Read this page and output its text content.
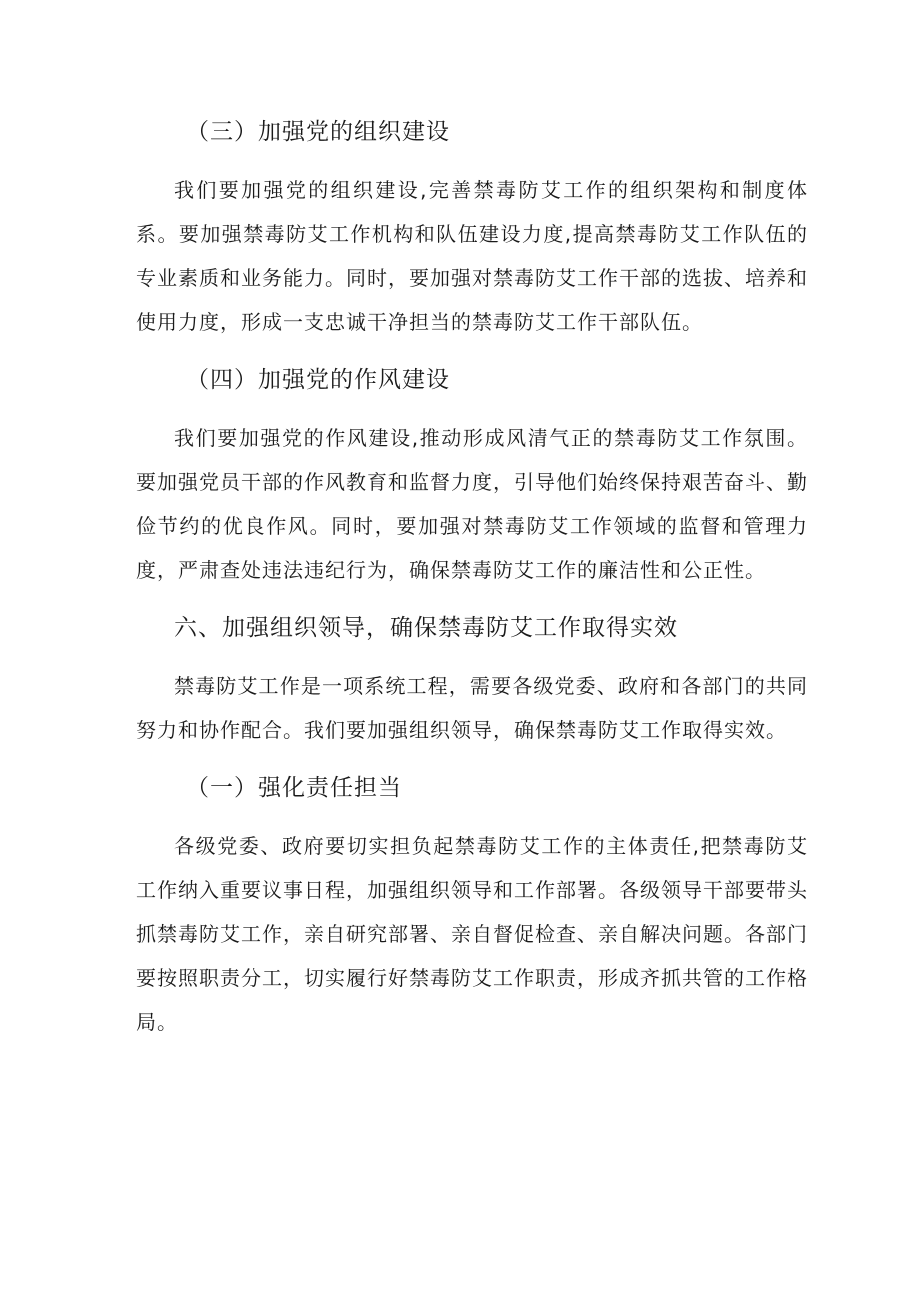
（三）加强党的组织建设

我们要加强党的组织建设,完善禁毒防艾工作的组织架构和制度体系。要加强禁毒防艾工作机构和队伍建设力度,提高禁毒防艾工作队伍的专业素质和业务能力。同时，要加强对禁毒防艾工作干部的选拔、培养和使用力度，形成一支忠诚干净担当的禁毒防艾工作干部队伍。

（四）加强党的作风建设

我们要加强党的作风建设,推动形成风清气正的禁毒防艾工作氛围。要加强党员干部的作风教育和监督力度，引导他们始终保持艰苦奋斗、勤俭节约的优良作风。同时，要加强对禁毒防艾工作领域的监督和管理力度，严肃查处违法违纪行为，确保禁毒防艾工作的廉洁性和公正性。

六、加强组织领导，确保禁毒防艾工作取得实效

禁毒防艾工作是一项系统工程，需要各级党委、政府和各部门的共同努力和协作配合。我们要加强组织领导，确保禁毒防艾工作取得实效。

（一）强化责任担当

各级党委、政府要切实担负起禁毒防艾工作的主体责任,把禁毒防艾工作纳入重要议事日程，加强组织领导和工作部署。各级领导干部要带头抓禁毒防艾工作，亲自研究部署、亲自督促检查、亲自解决问题。各部门要按照职责分工，切实履行好禁毒防艾工作职责，形成齐抓共管的工作格局。
